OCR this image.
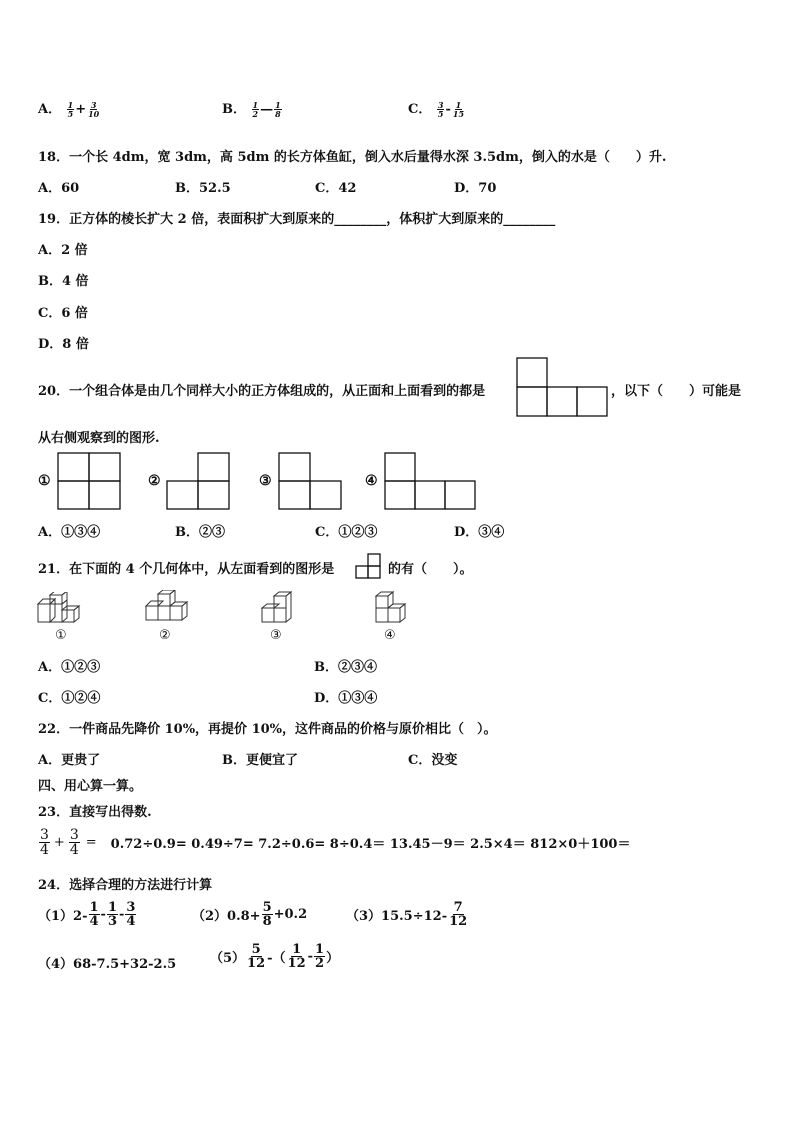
A． $\frac{1}{5} + \frac{3}{10}$	B． $\frac{1}{2}$ — $\frac{1}{8}$	C． $\frac{3}{5} - \frac{1}{15}$
18．一个长 4dm，宽 3dm，高 5dm 的长方体鱼缸，倒入水后量得水深 3.5dm，倒入的水是（　　）升.
A．60	B．52.5	C．42	D．70
19．正方体的棱长扩大 2 倍，表面积扩大到原来的________，体积扩大到原来的________
A．2 倍
B．4 倍
C．6 倍
D．8 倍
20．一个组合体是由几个同样大小的正方体组成的，从正面和上面看到的都是	，以下（　　）可能是
从右侧观察到的图形.
①	②	③	④
A．①③④	B．②③	C．①②③	D．③④
21．在下面的 4 个几何体中，从左面看到的图形是	的有（　　）。
①	②	③	④
A．①②③	B．②③④
C．①②④	D．①③④
22．一件商品先降价 10%，再提价 10%，这件商品的价格与原价相比（　）。
A．更贵了	B．更便宜了	C．没变
四、用心算一算。
23．直接写出得数.
$\frac{3}{4} + \frac{3}{4} = 0.72\div 0.9= 0.49\div 7= 7.2\div 0.6= 8\div 0.4= 13.45-9= 2.5\times 4= 812\times 0+100=$
24．选择合理的方法进行计算
$(1)2- \frac{1}{4} - \frac{1}{3} - \frac{3}{4}$	$(2)0.8+ \frac{5}{8} +0.2$	$(3)15.5\div 12- \frac{7}{12}$
（4）68-7.5+32-2.5	$(5) \frac{5}{12}$ -（ $\frac{1}{12} - \frac{1}{2}$ ）
